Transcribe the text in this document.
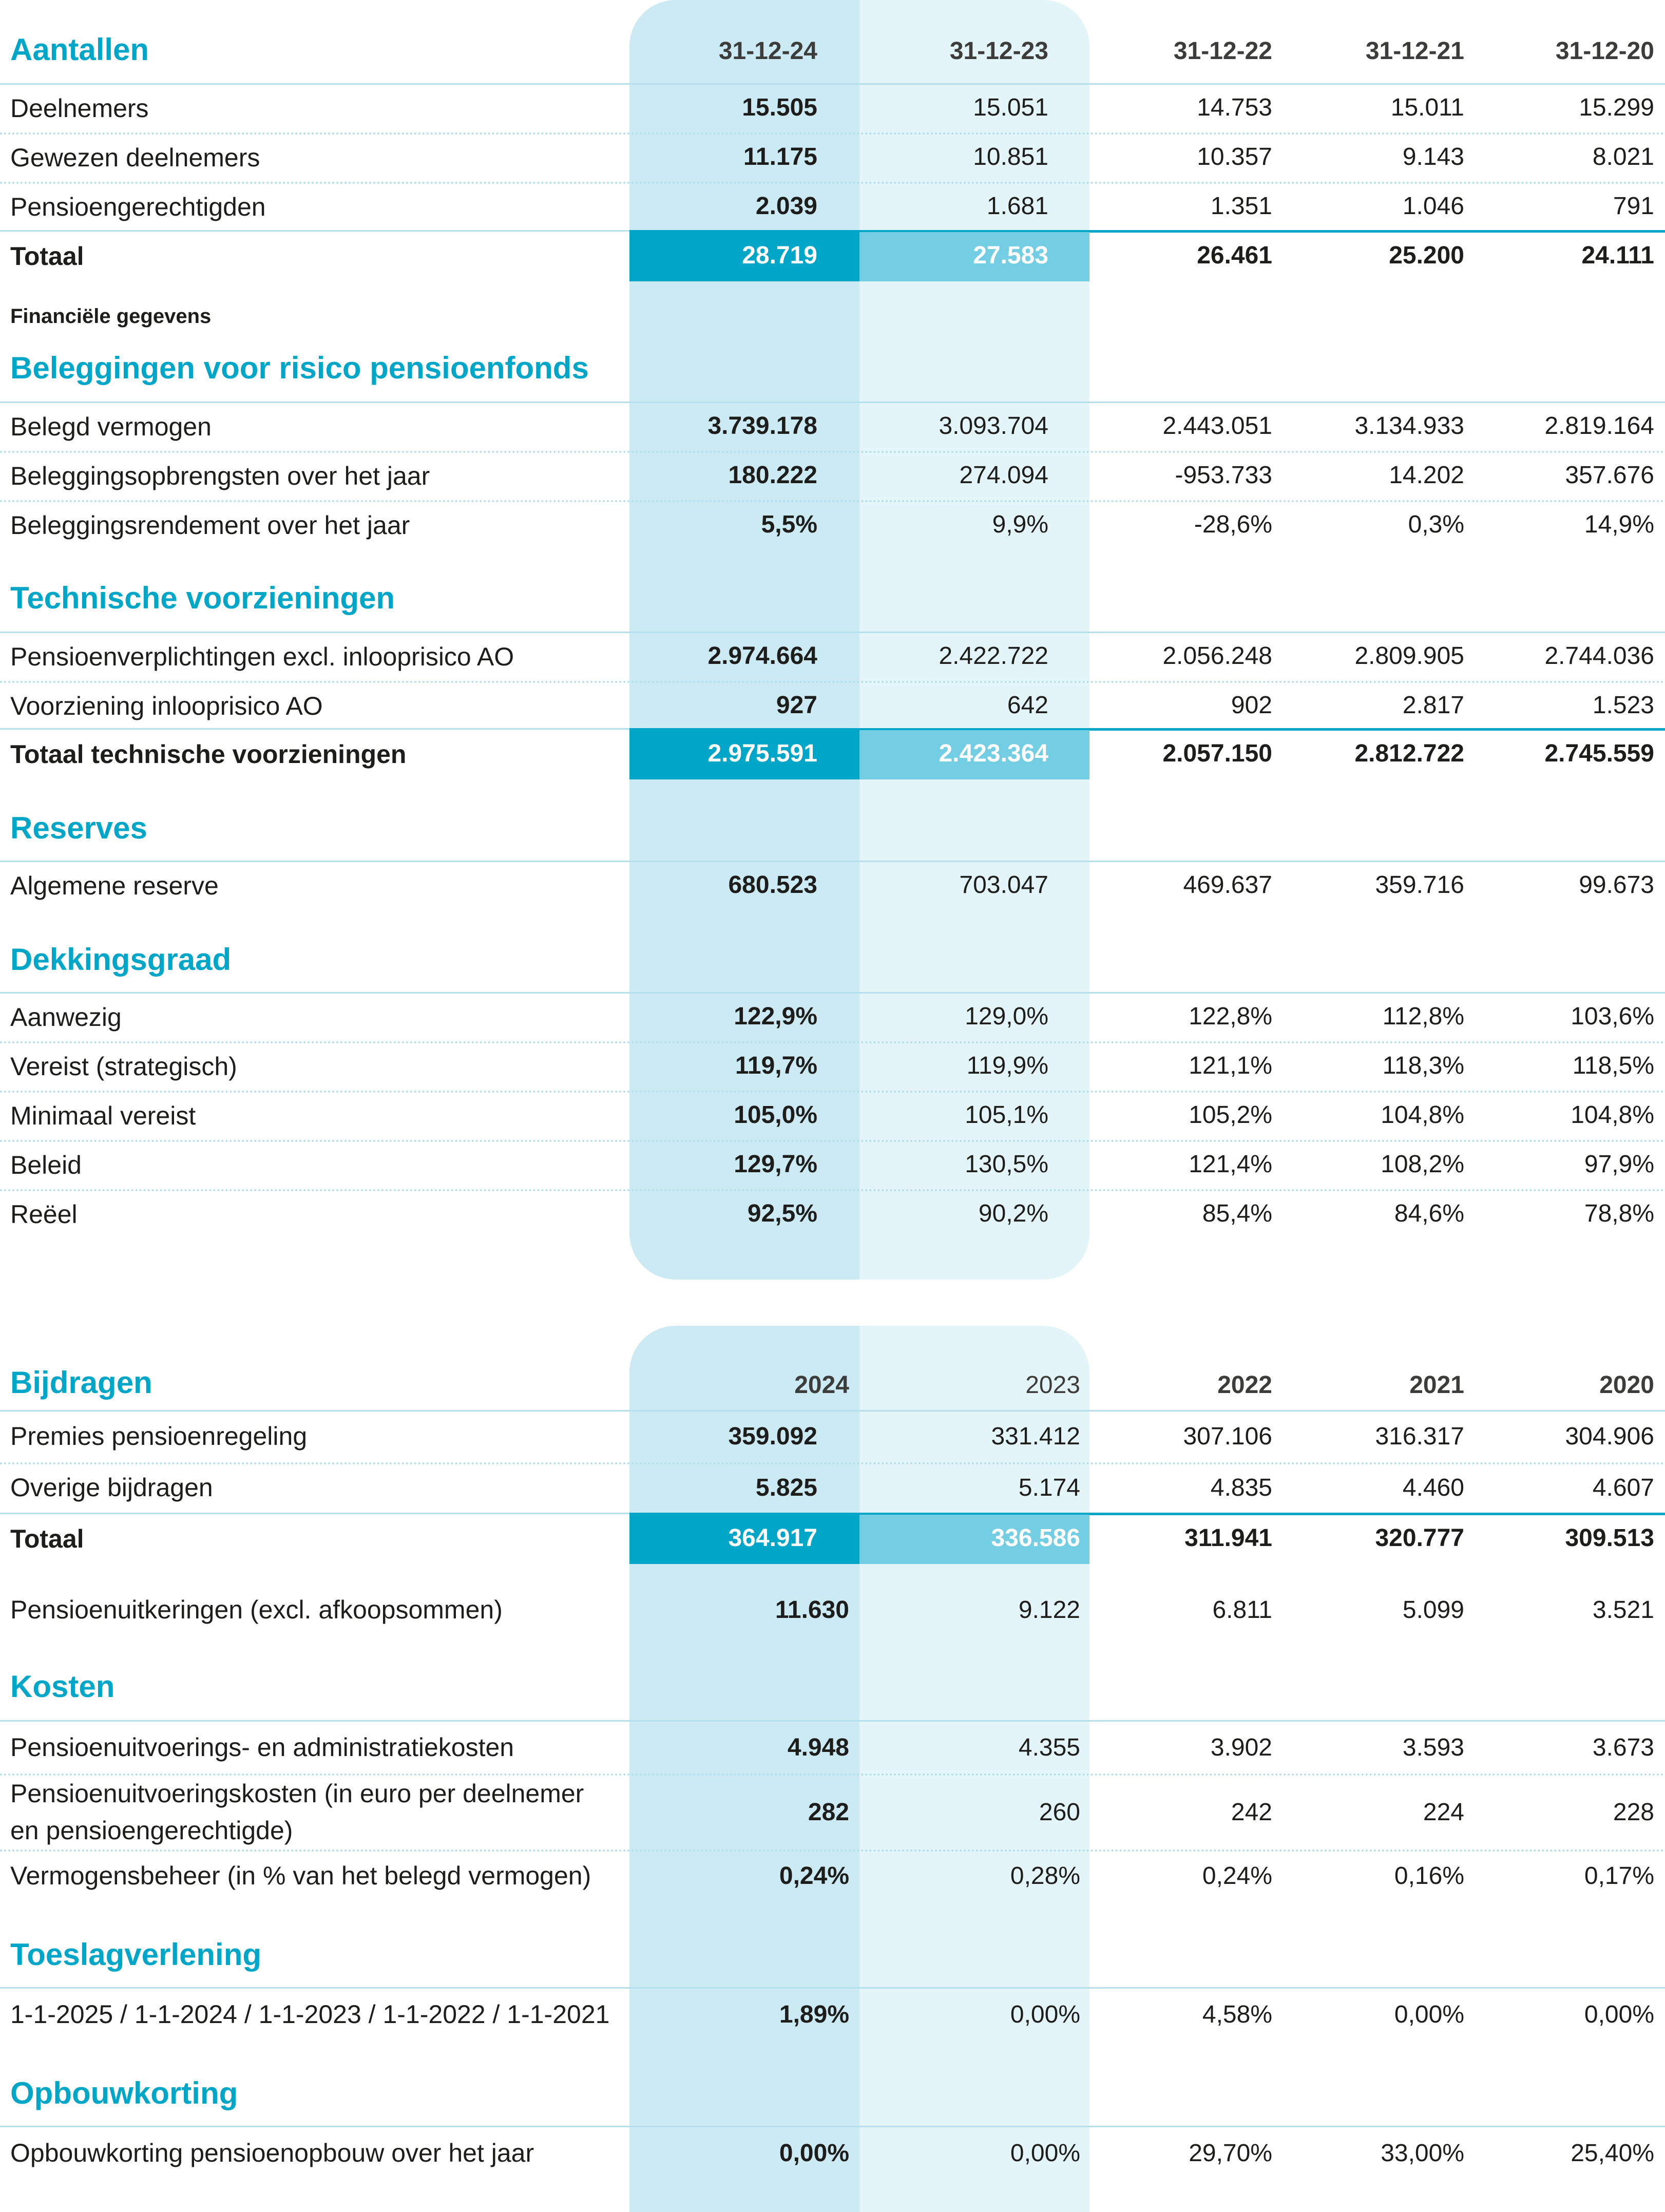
Aantallen	31-12-24	31-12-23	31-12-22	31-12-21	31-12-20
Deelnemers	15.505	15.051	14.753	15.011	15.299
Gewezen deelnemers	11.175	10.851	10.357	9.143	8.021
Pensioengerechtigden	2.039	1.681	1.351	1.046	791
Totaal	28.719	27.583	26.461	25.200	24.111
Financiële gegevens
Beleggingen voor risico pensioenfonds
Belegd vermogen	3.739.178	3.093.704	2.443.051	3.134.933	2.819.164
Beleggingsopbrengsten over het jaar	180.222	274.094	-953.733	14.202	357.676
Beleggingsrendement over het jaar	5,5%	9,9%	-28,6%	0,3%	14,9%
Technische voorzieningen
Pensioenverplichtingen excl. inlooprisico AO	2.974.664	2.422.722	2.056.248	2.809.905	2.744.036
Voorziening inlooprisico AO	927	642	902	2.817	1.523
Totaal technische voorzieningen	2.975.591	2.423.364	2.057.150	2.812.722	2.745.559
Reserves
Algemene reserve	680.523	703.047	469.637	359.716	99.673
Dekkingsgraad
Aanwezig	122,9%	129,0%	122,8%	112,8%	103,6%
Vereist (strategisch)	119,7%	119,9%	121,1%	118,3%	118,5%
Minimaal vereist	105,0%	105,1%	105,2%	104,8%	104,8%
Beleid	129,7%	130,5%	121,4%	108,2%	97,9%
Reëel	92,5%	90,2%	85,4%	84,6%	78,8%
Bijdragen	2024	2023	2022	2021	2020
Premies pensioenregeling	359.092	331.412	307.106	316.317	304.906
Overige bijdragen	5.825	5.174	4.835	4.460	4.607
Totaal	364.917	336.586	311.941	320.777	309.513
Pensioenuitkeringen (excl. afkoopsommen)	11.630	9.122	6.811	5.099	3.521
Kosten
Pensioenuitvoerings- en administratiekosten	4.948	4.355	3.902	3.593	3.673
Pensioenuitvoeringskosten (in euro per deelnemer
en pensioengerechtigde)
282	260	242	224	228
Vermogensbeheer (in % van het belegd vermogen)	0,24%	0,28%	0,24%	0,16%	0,17%
Toeslagverlening
1-1-2025 / 1-1-2024 / 1-1-2023 / 1-1-2022 / 1-1-2021	1,89%	0,00%	4,58%	0,00%	0,00%
Opbouwkorting
Opbouwkorting pensioenopbouw over het jaar	0,00%	0,00%	29,70%	33,00%	25,40%
